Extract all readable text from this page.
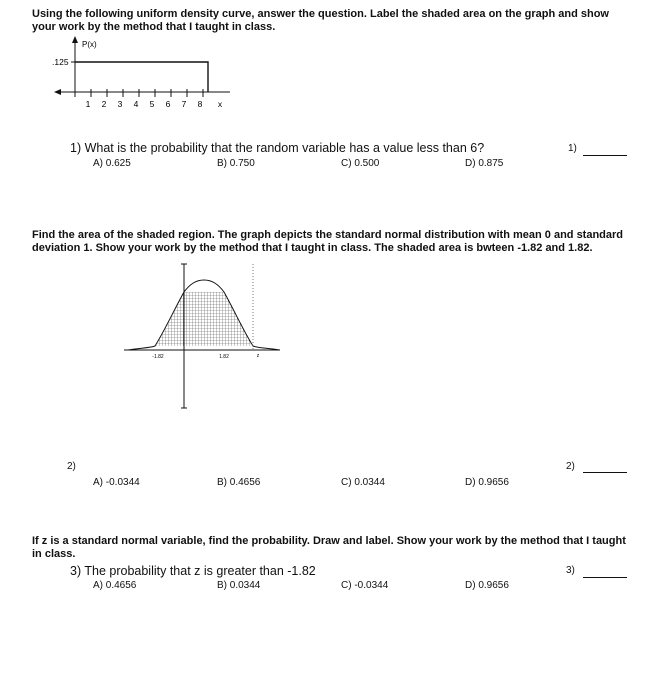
Using the following uniform density curve, answer the question. Label the shaded area on the graph and show your work by the method that I taught in class.
P(x)
.125
1 2 3 4 5 6 7 8 x
1) What is the probability that the random variable has a value less than 6?
A) 0.625	B) 0.750	C) 0.500	D) 0.875
1)
Find the area of the shaded region. The graph depicts the standard normal distribution with mean 0 and standard deviation 1. Show your work by the method that I taught in class. The shaded area is bwteen -1.82 and 1.82.
-1.82	1.82	z
2)
A) -0.0344	B) 0.4656	C) 0.0344	D) 0.9656
2)
If z is a standard normal variable, find the probability. Draw and label. Show your work by the method that I taught in class.
3) The probability that z is greater than -1.82
A) 0.4656	B) 0.0344	C) -0.0344	D) 0.9656
3)
